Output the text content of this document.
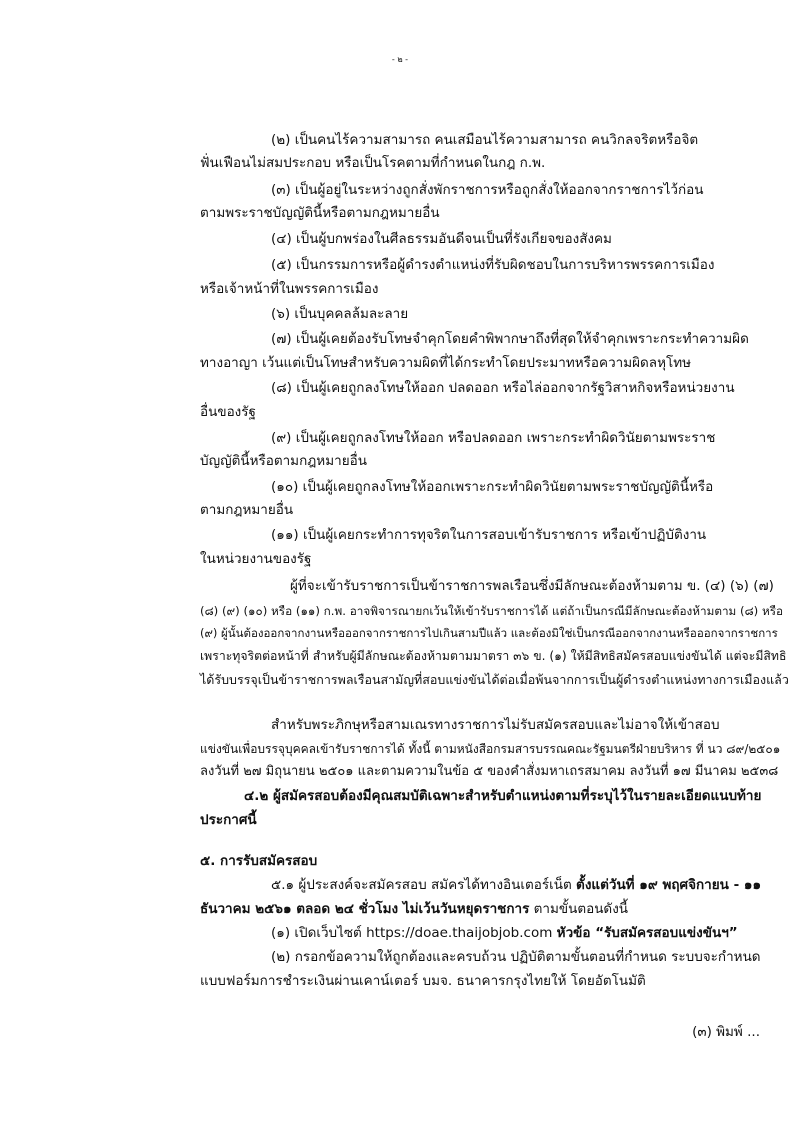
- ๒ -
(๒) เป็นคนไร้ความสามารถ คนเสมือนไร้ความสามารถ คนวิกลจริตหรือจิต
ฟั่นเฟือนไม่สมประกอบ หรือเป็นโรคตามที่กำหนดในกฎ ก.พ.
(๓) เป็นผู้อยู่ในระหว่างถูกสั่งพักราชการหรือถูกสั่งให้ออกจากราชการไว้ก่อน
ตามพระราชบัญญัตินี้หรือตามกฎหมายอื่น
(๔) เป็นผู้บกพร่องในศีลธรรมอันดีจนเป็นที่รังเกียจของสังคม
(๕) เป็นกรรมการหรือผู้ดำรงตำแหน่งที่รับผิดชอบในการบริหารพรรคการเมือง
หรือเจ้าหน้าที่ในพรรคการเมือง
(๖) เป็นบุคคลล้มละลาย
(๗) เป็นผู้เคยต้องรับโทษจำคุกโดยคำพิพากษาถึงที่สุดให้จำคุกเพราะกระทำความผิด
ทางอาญา เว้นแต่เป็นโทษสำหรับความผิดที่ได้กระทำโดยประมาทหรือความผิดลหุโทษ
(๘) เป็นผู้เคยถูกลงโทษให้ออก ปลดออก หรือไล่ออกจากรัฐวิสาหกิจหรือหน่วยงาน
อื่นของรัฐ
(๙) เป็นผู้เคยถูกลงโทษให้ออก หรือปลดออก เพราะกระทำผิดวินัยตามพระราช
บัญญัตินี้หรือตามกฎหมายอื่น
(๑๐) เป็นผู้เคยถูกลงโทษให้ออกเพราะกระทำผิดวินัยตามพระราชบัญญัตินี้หรือ
ตามกฎหมายอื่น
(๑๑) เป็นผู้เคยกระทำการทุจริตในการสอบเข้ารับราชการ หรือเข้าปฏิบัติงาน
ในหน่วยงานของรัฐ
ผู้ที่จะเข้ารับราชการเป็นข้าราชการพลเรือนซึ่งมีลักษณะต้องห้ามตาม ข. (๔) (๖) (๗)
(๘) (๙) (๑๐) หรือ (๑๑) ก.พ. อาจพิจารณายกเว้นให้เข้ารับราชการได้ แต่ถ้าเป็นกรณีมีลักษณะต้องห้ามตาม (๘) หรือ
(๙) ผู้นั้นต้องออกจากงานหรือออกจากราชการไปเกินสามปีแล้ว และต้องมิใช่เป็นกรณีออกจากงานหรือออกจากราชการ
เพราะทุจริตต่อหน้าที่ สำหรับผู้มีลักษณะต้องห้ามตามมาตรา ๓๖ ข. (๑) ให้มีสิทธิสมัครสอบแข่งขันได้ แต่จะมีสิทธิ
ได้รับบรรจุเป็นข้าราชการพลเรือนสามัญที่สอบแข่งขันได้ต่อเมื่อพ้นจากการเป็นผู้ดำรงตำแหน่งทางการเมืองแล้ว
สำหรับพระภิกษุหรือสามเณรทางราชการไม่รับสมัครสอบและไม่อาจให้เข้าสอบ
แข่งขันเพื่อบรรจุบุคคลเข้ารับราชการได้ ทั้งนี้ ตามหนังสือกรมสารบรรณคณะรัฐมนตรีฝ่ายบริหาร ที่ นว ๘๙/๒๕๐๑
ลงวันที่ ๒๗ มิถุนายน ๒๕๐๑ และตามความในข้อ ๕ ของคำสั่งมหาเถรสมาคม ลงวันที่ ๑๗ มีนาคม ๒๕๓๘
๔.๒ ผู้สมัครสอบต้องมีคุณสมบัติเฉพาะสำหรับตำแหน่งตามที่ระบุไว้ในรายละเอียดแนบท้าย
ประกาศนี้
๕. การรับสมัครสอบ
๕.๑ ผู้ประสงค์จะสมัครสอบ สมัครได้ทางอินเตอร์เน็ต ตั้งแต่วันที่ ๑๙ พฤศจิกายน - ๑๑
ธันวาคม ๒๕๖๑ ตลอด ๒๔ ชั่วโมง ไม่เว้นวันหยุดราชการ ตามขั้นตอนดังนี้
(๑) เปิดเว็บไซต์ https://doae.thaijobjob.com หัวข้อ “รับสมัครสอบแข่งขันฯ”
(๒) กรอกข้อความให้ถูกต้องและครบถ้วน ปฏิบัติตามขั้นตอนที่กำหนด ระบบจะกำหนด
แบบฟอร์มการชำระเงินผ่านเคาน์เตอร์ บมจ. ธนาคารกรุงไทยให้ โดยอัตโนมัติ
(๓) พิมพ์ ...
